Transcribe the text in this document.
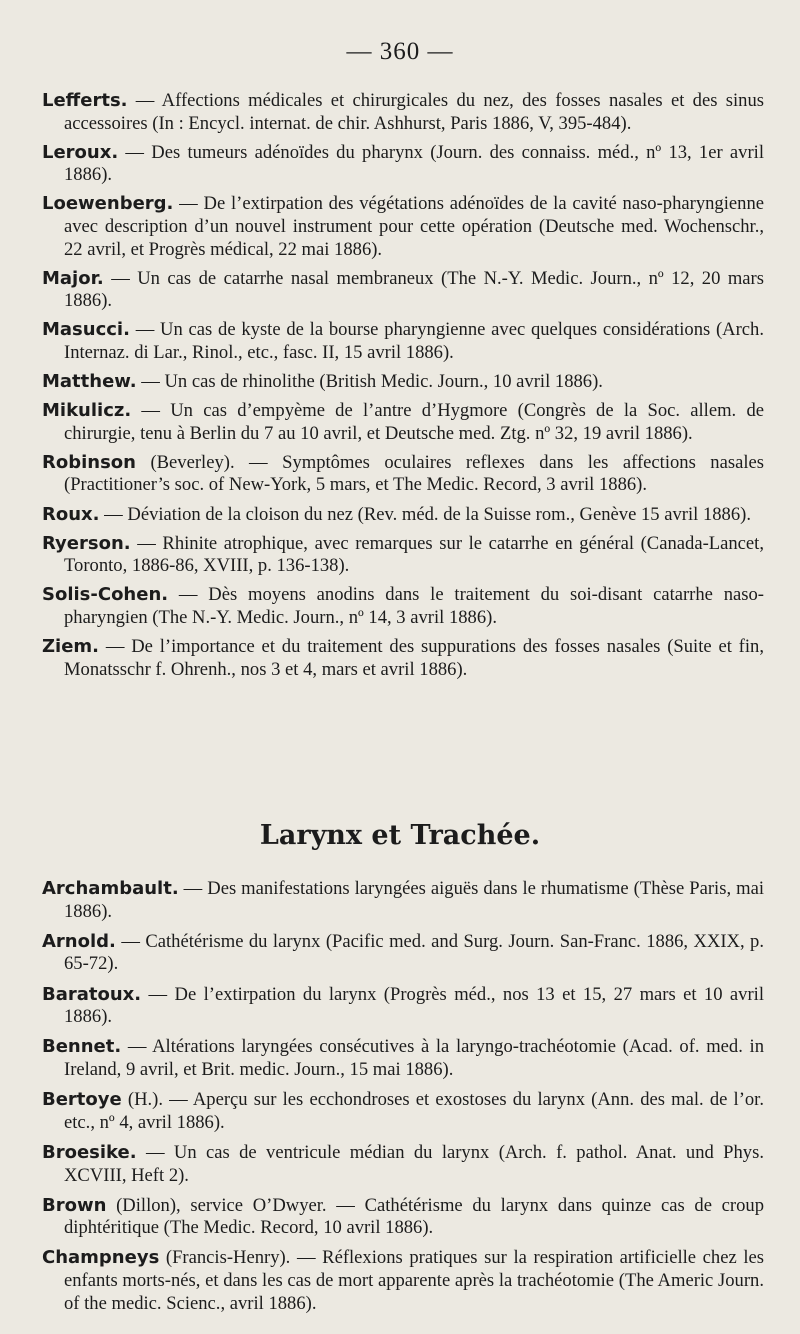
— 360 —

Lefferts. — Affections médicales et chirurgicales du nez, des fosses nasales et des sinus accessoires (In : Encycl. internat. de chir. Ashhurst, Paris 1886, V, 395-484).

Leroux. — Des tumeurs adénoïdes du pharynx (Journ. des connaiss. méd., nº 13, 1er avril 1886).

Loewenberg. — De l’extirpation des végétations adénoïdes de la cavité naso-pharyngienne avec description d’un nouvel instrument pour cette opération (Deutsche med. Wochenschr., 22 avril, et Progrès médical, 22 mai 1886).

Major. — Un cas de catarrhe nasal membraneux (The N.-Y. Medic. Journ., nº 12, 20 mars 1886).

Masucci. — Un cas de kyste de la bourse pharyngienne avec quelques considérations (Arch. Internaz. di Lar., Rinol., etc., fasc. II, 15 avril 1886).

Matthew. — Un cas de rhinolithe (British Medic. Journ., 10 avril 1886).

Mikulicz. — Un cas d’empyème de l’antre d’Hygmore (Congrès de la Soc. allem. de chirurgie, tenu à Berlin du 7 au 10 avril, et Deutsche med. Ztg. nº 32, 19 avril 1886).

Robinson (Beverley). — Symptômes oculaires reflexes dans les affections nasales (Practitioner’s soc. of New-York, 5 mars, et The Medic. Record, 3 avril 1886).

Roux. — Déviation de la cloison du nez (Rev. méd. de la Suisse rom., Genève 15 avril 1886).

Ryerson. — Rhinite atrophique, avec remarques sur le catarrhe en général (Canada-Lancet, Toronto, 1886-86, XVIII, p. 136-138).

Solis-Cohen. — Dès moyens anodins dans le traitement du soi-disant catarrhe naso-pharyngien (The N.-Y. Medic. Journ., nº 14, 3 avril 1886).

Ziem. — De l’importance et du traitement des suppurations des fosses nasales (Suite et fin, Monatsschr f. Ohrenh., nos 3 et 4, mars et avril 1886).

Larynx et Trachée.

Archambault. — Des manifestations laryngées aiguës dans le rhumatisme (Thèse Paris, mai 1886).

Arnold. — Cathétérisme du larynx (Pacific med. and Surg. Journ. San-Franc. 1886, XXIX, p. 65-72).

Baratoux. — De l’extirpation du larynx (Progrès méd., nos 13 et 15, 27 mars et 10 avril 1886).

Bennet. — Altérations laryngées consécutives à la laryngo-trachéotomie (Acad. of. med. in Ireland, 9 avril, et Brit. medic. Journ., 15 mai 1886).

Bertoye (H.). — Aperçu sur les ecchondroses et exostoses du larynx (Ann. des mal. de l’or. etc., nº 4, avril 1886).

Broesike. — Un cas de ventricule médian du larynx (Arch. f. pathol. Anat. und Phys. XCVIII, Heft 2).

Brown (Dillon), service O’Dwyer. — Cathétérisme du larynx dans quinze cas de croup diphtéritique (The Medic. Record, 10 avril 1886).

Champneys (Francis-Henry). — Réflexions pratiques sur la respiration artificielle chez les enfants morts-nés, et dans les cas de mort apparente après la trachéotomie (The Americ Journ. of the medic. Scienc., avril 1886).
